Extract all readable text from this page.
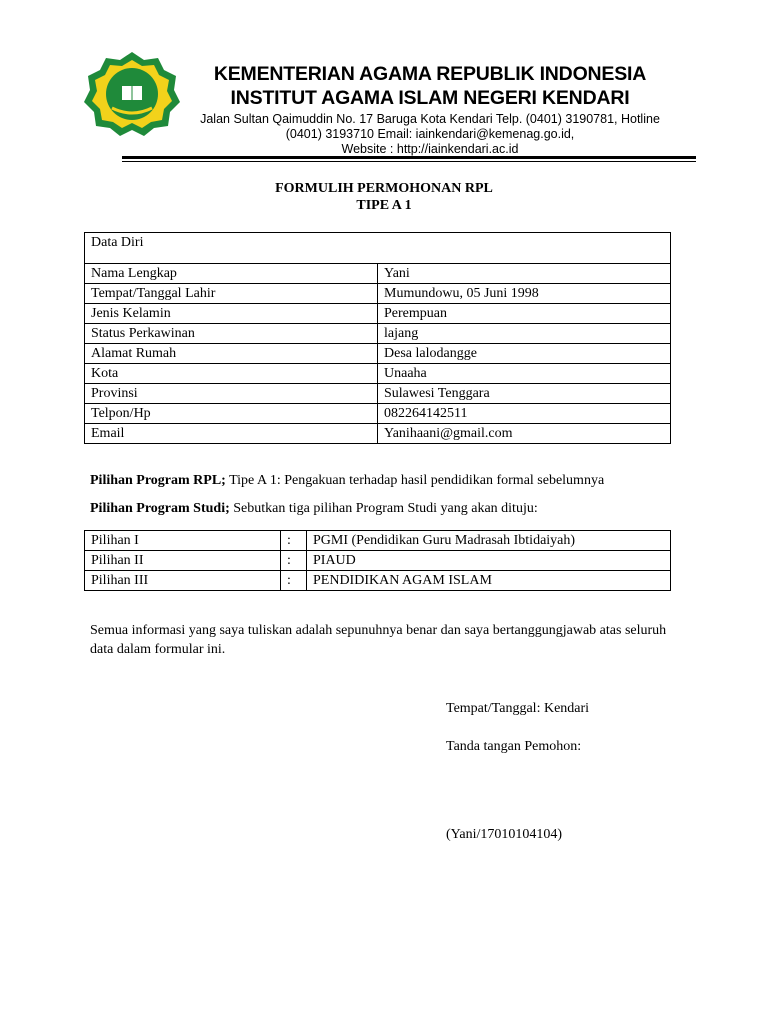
KEMENTERIAN AGAMA REPUBLIK INDONESIA
INSTITUT AGAMA ISLAM NEGERI KENDARI
Jalan Sultan Qaimuddin No. 17 Baruga Kota Kendari Telp. (0401) 3190781, Hotline
(0401) 3193710 Email: iainkendari@kemenag.go.id,
Website : http://iainkendari.ac.id
FORMULIH PERMOHONAN RPL
TIPE A 1
Data Diri	
Nama Lengkap	Yani
Tempat/Tanggal Lahir	Mumundowu, 05 Juni 1998
Jenis Kelamin	Perempuan
Status Perkawinan	lajang
Alamat Rumah	Desa lalodangge
Kota	Unaaha
Provinsi	Sulawesi Tenggara
Telpon/Hp	082264142511
Email	Yanihaani@gmail.com
Pilihan Program RPL; Tipe A 1: Pengakuan terhadap hasil pendidikan formal sebelumnya
Pilihan Program Studi; Sebutkan tiga pilihan Program Studi yang akan dituju:
Pilihan I	:	PGMI (Pendidikan Guru Madrasah Ibtidaiyah)
Pilihan II	:	PIAUD
Pilihan III	:	PENDIDIKAN AGAM ISLAM
Semua informasi yang saya tuliskan adalah sepunuhnya benar dan saya bertanggungjawab atas seluruh data dalam formular ini.
Tempat/Tanggal: Kendari
Tanda tangan Pemohon:
(Yani/17010104104)
